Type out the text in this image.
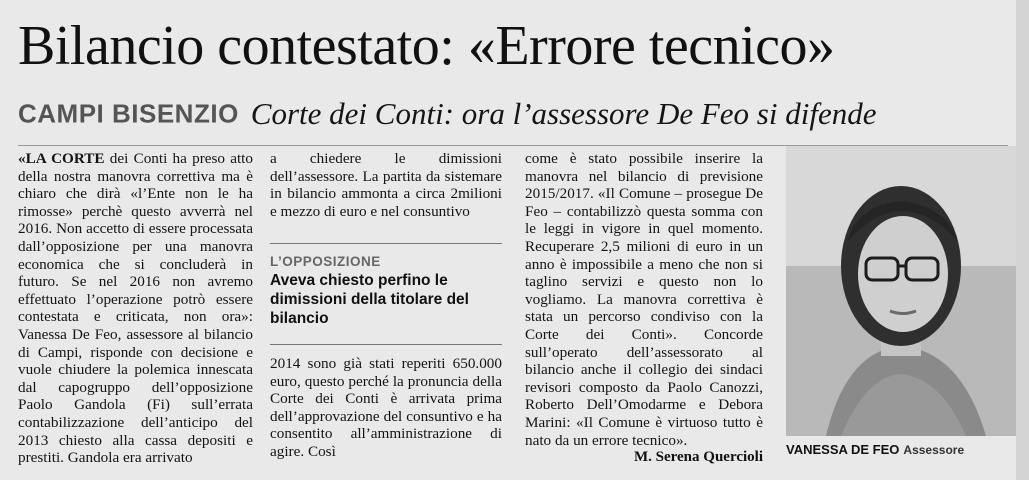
Bilancio contestato: «Errore tecnico»
CAMPI BISENZIO Corte dei Conti: ora l’assessore De Feo si difende

«LA CORTE dei Conti ha preso atto della nostra manovra correttiva ma è chiaro che dirà «l’Ente non le ha rimosse» perchè questo avverrà nel 2016. Non accetto di essere processata dall’opposizione per una manovra economica che si concluderà in futuro. Se nel 2016 non avremo effettuato l’operazione potrò essere contestata e criticata, non ora»: Vanessa De Feo, assessore al bilancio di Campi, risponde con decisione e vuole chiudere la polemica innescata dal capogruppo dell’opposizione Paolo Gandola (Fi) sull’errata contabilizzazione dell’anticipo del 2013 chiesto alla cassa depositi e prestiti. Gandola era arrivato

a chiedere le dimissioni dell’assessore. La partita da sistemare in bilancio ammonta a circa 2milioni e mezzo di euro e nel consuntivo

L’OPPOSIZIONE
Aveva chiesto perfino le dimissioni della titolare del bilancio

2014 sono già stati reperiti 650.000 euro, questo perché la pronuncia della Corte dei Conti è arrivata prima dell’approvazione del consuntivo e ha consentito all’amministrazione di agire. Così

come è stato possibile inserire la manovra nel bilancio di previsione 2015/2017. «Il Comune – prosegue De Feo – contabilizzò questa somma con le leggi in vigore in quel momento. Recuperare 2,5 milioni di euro in un anno è impossibile a meno che non si taglino servizi e questo non lo vogliamo. La manovra correttiva è stata un percorso condiviso con la Corte dei Conti». Concorde sull’operato dell’assessorato al bilancio anche il collegio dei sindaci revisori composto da Paolo Canozzi, Roberto Dell’Omodarme e Debora Marini: «Il Comune è virtuoso tutto è nato da un errore tecnico».

M. Serena Quercioli VANESSA DE FEO Assessore
